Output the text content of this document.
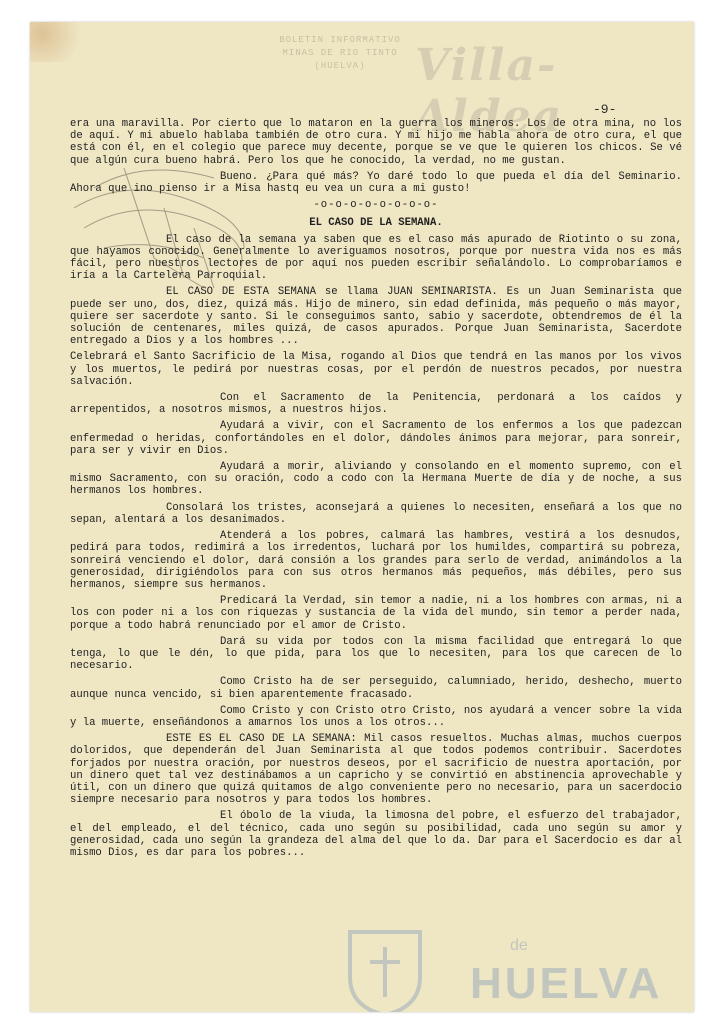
BOLETIN INFORMATIVO
MINAS DE RIO TINTO (HUELVA)	Villa-Aldea	-9-

era una maravilla. Por cierto que lo mataron en la guerra los mineros. Los de otra mina, no los de aquí. Y mi abuelo hablaba también de otro cura. Y mi hijo me habla ahora de otro cura, el que está con él, en el colegio que parece muy decente, porque se ve que le quieren los chicos. Se vé que algún cura bueno habrá. Pero los que he conocido, la verdad, no me gustan.

Bueno. ¿Para qué más? Yo daré todo lo que pueda el día del Seminario. Ahora que ino pienso ir a Misa hastq eu vea un cura a mi gusto!

-o-o-o-o-o-o-o-o-

EL CASO DE LA SEMANA.

El caso de la semana ya saben que es el caso más apurado de Riotinto o su zona, que hayamos conocido. Generalmente lo averiguamos nosotros, porque por nuestra vida nos es más fácil, pero nuestros lectores de por aquí nos pueden escribir señalándolo. Lo comprobaríamos e iría a la Cartelera Parroquial.

EL CASO DE ESTA SEMANA se llama JUAN SEMINARISTA. Es un Juan Seminarista que puede ser uno, dos, diez, quizá más. Hijo de minero, sin edad definida, más pequeño o más mayor, quiere ser sacerdote y santo. Si le conseguimos santo, sabio y sacerdote, obtendremos de él la solución de centenares, miles quizá, de casos apurados. Porque Juan Seminarista, Sacerdote entregado a Dios y a los hombres ...

Celebrará el Santo Sacrificio de la Misa, rogando al Dios que tendrá en las manos por los vivos y los muertos, le pedirá por nuestras cosas, por el perdón de nuestros pecados, por nuestra salvación.

Con el Sacramento de la Penitencia, perdonará a los caídos y arrepentidos, a nosotros mismos, a nuestros hijos.

Ayudará a vivir, con el Sacramento de los enfermos a los que padezcan enfermedad o heridas, confortándoles en el dolor, dándoles ánimos para mejorar, para sonreir, para ser y vivir en Dios.

Ayudará a morir, aliviando y consolando en el momento supremo, con el mismo Sacramento, con su oración, codo a codo con la Hermana Muerte de día y de noche, a sus hermanos los hombres.

Consolará los tristes, aconsejará a quienes lo necesiten, enseñará a los que no sepan, alentará a los desanimados.

Atenderá a los pobres, calmará las hambres, vestirá a los desnudos, pedirá para todos, redimirá a los irredentos, luchará por los humildes, compartirá su pobreza, sonreirá venciendo el dolor, dará consión a los grandes para serlo de verdad, animándolos a la generosidad, dirigiéndolos para con sus otros hermanos más pequeños, más débiles, pero sus hermanos, siempre sus hermanos.

Predicará la Verdad, sin temor a nadie, ni a los hombres con armas, ni a los con poder ni a los con riquezas y sustancia de la vida del mundo, sin temor a perder nada, porque a todo habrá renunciado por el amor de Cristo.

Dará su vida por todos con la misma facilidad que entregará lo que tenga, lo que le dén, lo que pida, para los que lo necesiten, para los que carecen de lo necesario.

Como Cristo ha de ser perseguido, calumniado, herido, deshecho, muerto aunque nunca vencido, si bien aparentemente fracasado.

Como Cristo y con Cristo otro Cristo, nos ayudará a vencer sobre la vida y la muerte, enseñándonos a amarnos los unos a los otros...

ESTE ES EL CASO DE LA SEMANA: Mil casos resueltos. Muchas almas, muchos cuerpos doloridos, que dependerán del Juan Seminarista al que todos podemos contribuir. Sacerdotes forjados por nuestra oración, por nuestros deseos, por el sacrificio de nuestra aportación, por un dinero quet tal vez destinábamos a un capricho y se convirtió en abstinencia aprovechable y útil, con un dinero que quizá quitamos de algo conveniente pero no necesario, para un sacerdocio siempre necesario para nosotros y para todos los hombres.

El óbolo de la viuda, la limosna del pobre, el esfuerzo del trabajador, el del empleado, el del técnico, cada uno según su posibilidad, cada uno según su amor y generosidad, cada uno según la grandeza del alma del que lo da. Dar para el Sacerdocio es dar al mismo Dios, es dar para los pobres...

de
HUELVA
